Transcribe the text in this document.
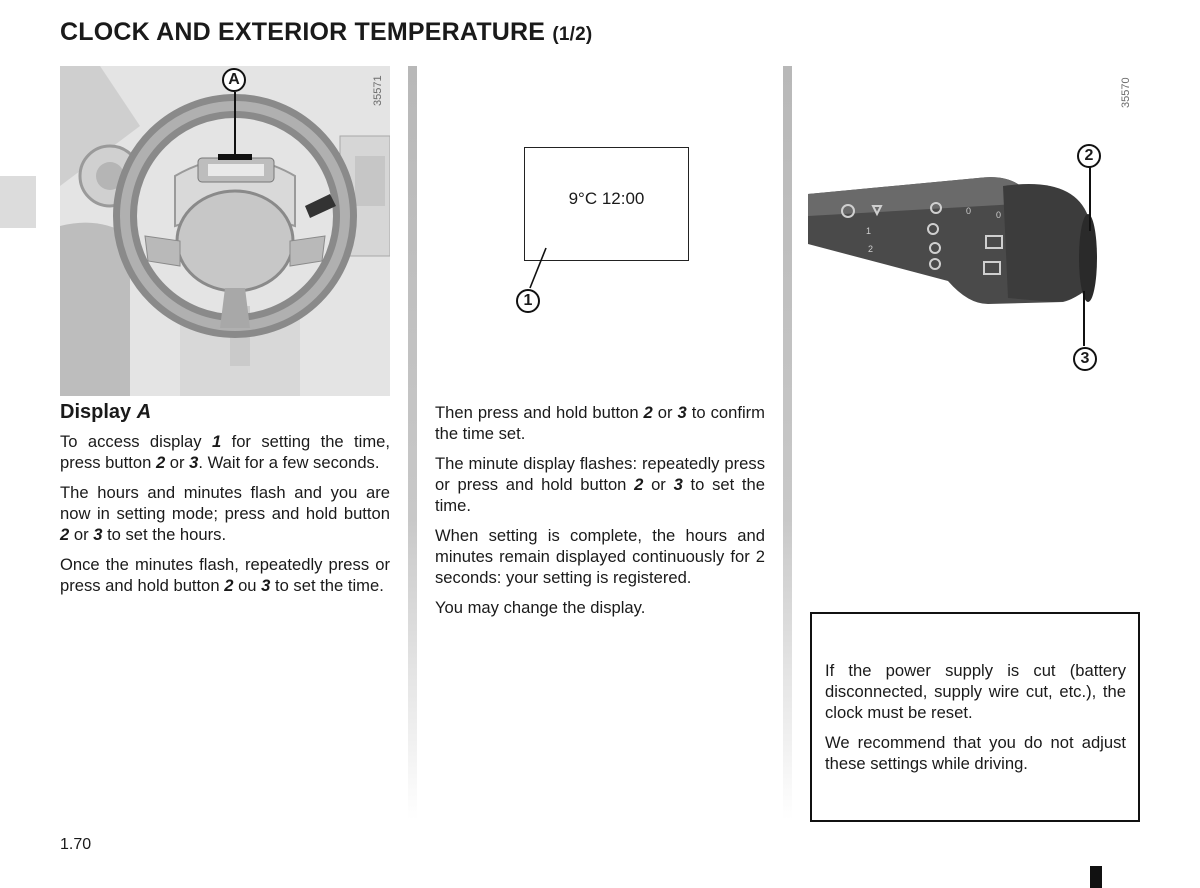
CLOCK AND EXTERIOR TEMPERATURE (1/2)
A	35571
9°C 12:00
1
1
2
0	0
2
3
35570
Display A

To access display 1 for setting the time, press button 2 or 3. Wait for a few seconds.

The hours and minutes flash and you are now in setting mode; press and hold button 2 or 3 to set the hours.

Once the minutes flash, repeatedly press or press and hold button 2 ou 3 to set the time.

Then press and hold button 2 or 3 to confirm the time set.

The minute display flashes: repeatedly press or press and hold button 2 or 3 to set the time.

When setting is complete, the hours and minutes remain displayed continuously for 2 seconds: your setting is registered.

You may change the display.

If the power supply is cut (battery disconnected, supply wire cut, etc.), the clock must be reset.

We recommend that you do not adjust these settings while driving.

1.70
